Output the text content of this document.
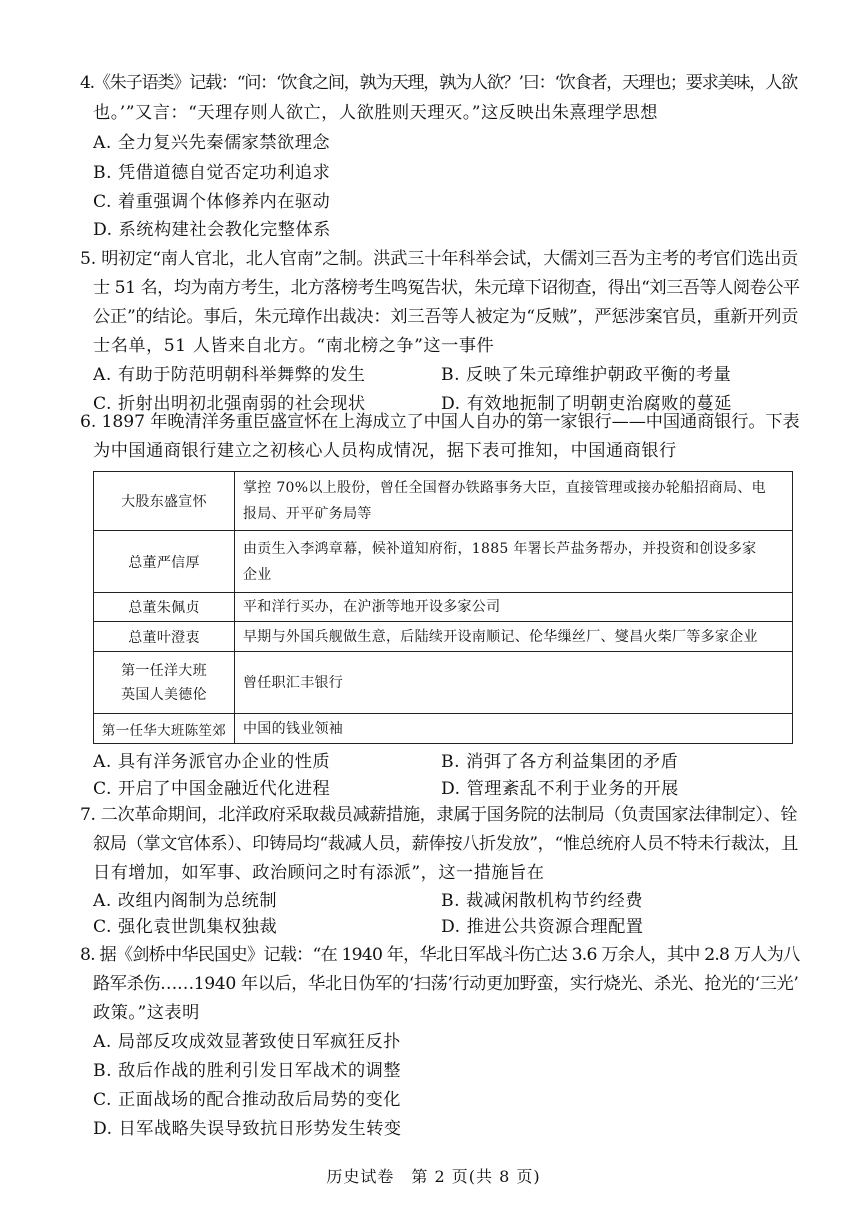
4.《朱子语类》记载：“问：‘饮食之间，孰为天理，孰为人欲？’曰：‘饮食者，天理也；要求美味，人欲
也。’”又言：“天理存则人欲亡，人欲胜则天理灭。”这反映出朱熹理学思想
A. 全力复兴先秦儒家禁欲理念
B. 凭借道德自觉否定功利追求
C. 着重强调个体修养内在驱动
D. 系统构建社会教化完整体系
5. 明初定“南人官北，北人官南”之制。洪武三十年科举会试，大儒刘三吾为主考的考官们选出贡
士 51 名，均为南方考生，北方落榜考生鸣冤告状，朱元璋下诏彻查，得出“刘三吾等人阅卷公平
公正”的结论。事后，朱元璋作出裁决：刘三吾等人被定为“反贼”，严惩涉案官员，重新开列贡
士名单，51 人皆来自北方。“南北榜之争”这一事件
A. 有助于防范明朝科举舞弊的发生	B. 反映了朱元璋维护朝政平衡的考量
C. 折射出明初北强南弱的社会现状	D. 有效地扼制了明朝吏治腐败的蔓延
6. 1897 年晚清洋务重臣盛宣怀在上海成立了中国人自办的第一家银行——中国通商银行。下表
为中国通商银行建立之初核心人员构成情况，据下表可推知，中国通商银行
大股东盛宣怀	掌控 70%以上股份，曾任全国督办铁路事务大臣，直接管理或接办轮船招商局、电
报局、开平矿务局等
总董严信厚	由贡生入李鸿章幕，候补道知府衔，1885 年署长芦盐务帮办，并投资和创设多家
企业
总董朱佩贞	平和洋行买办，在沪浙等地开设多家公司
总董叶澄衷	早期与外国兵舰做生意，后陆续开设南顺记、伦华缫丝厂、燮昌火柴厂等多家企业
第一任洋大班
英国人美德伦	曾任职汇丰银行
第一任华大班陈笙郊	中国的钱业领袖
A. 具有洋务派官办企业的性质	B. 消弭了各方利益集团的矛盾
C. 开启了中国金融近代化进程	D. 管理紊乱不利于业务的开展
7. 二次革命期间，北洋政府采取裁员减薪措施，隶属于国务院的法制局（负责国家法律制定）、铨
叙局（掌文官体系）、印铸局均“裁减人员，薪俸按八折发放”，“惟总统府人员不特未行裁汰，且
日有增加，如军事、政治顾问之时有添派”，这一措施旨在
A. 改组内阁制为总统制	B. 裁减闲散机构节约经费
C. 强化袁世凯集权独裁	D. 推进公共资源合理配置
8. 据《剑桥中华民国史》记载：“在 1940 年，华北日军战斗伤亡达 3.6 万余人，其中 2.8 万人为八
路军杀伤……1940 年以后，华北日伪军的‘扫荡’行动更加野蛮，实行烧光、杀光、抢光的‘三光’
政策。”这表明
A. 局部反攻成效显著致使日军疯狂反扑
B. 敌后作战的胜利引发日军战术的调整
C. 正面战场的配合推动敌后局势的变化
D. 日军战略失误导致抗日形势发生转变
历史试卷　第 2 页(共 8 页)
